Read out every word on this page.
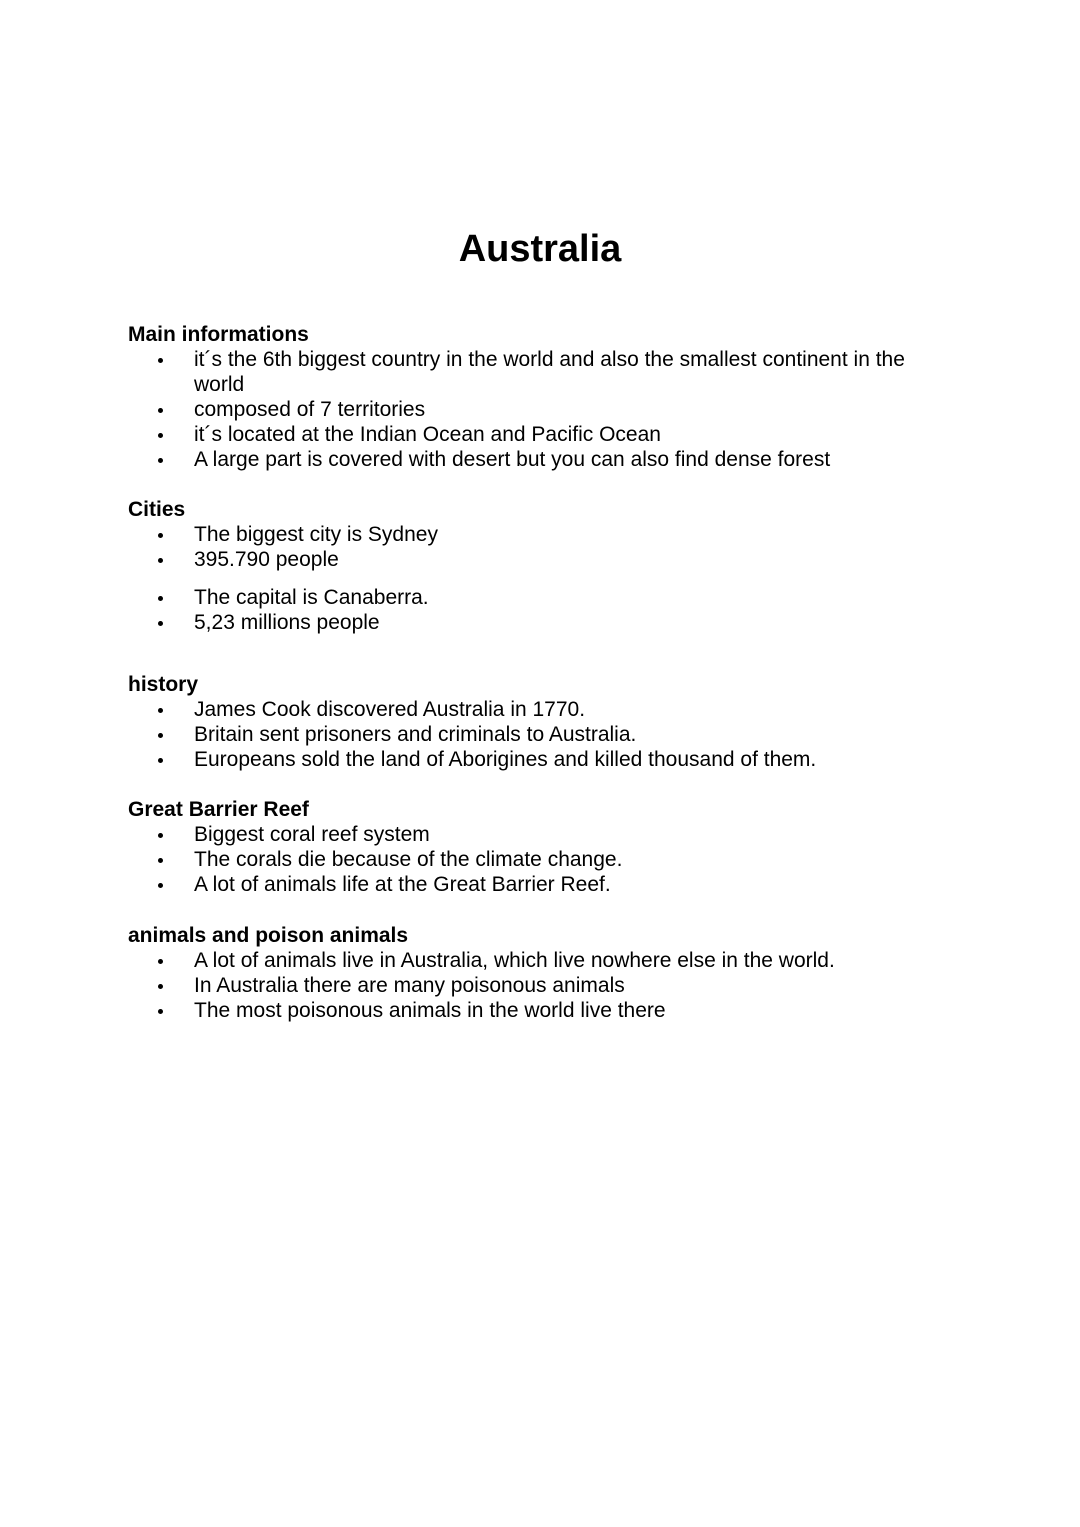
Australia
Main informations
it´s the 6th biggest country in the world and also the smallest continent in the world
composed of 7 territories
it´s located at the Indian Ocean and Pacific Ocean
A large part is covered with desert but you can also find dense forest
Cities
The biggest city is Sydney
395.790 people
The capital is Canaberra.
5,23 millions people
history
James Cook discovered Australia in 1770.
Britain sent prisoners and criminals to Australia.
Europeans sold the land of Aborigines and killed thousand of them.
Great Barrier Reef
Biggest coral reef system
The corals die because of the climate change.
A lot of animals life at the Great Barrier Reef.
animals and poison animals
A lot of animals live in Australia, which live nowhere else in the world.
In Australia there are many poisonous animals
The most poisonous animals in the world live there
